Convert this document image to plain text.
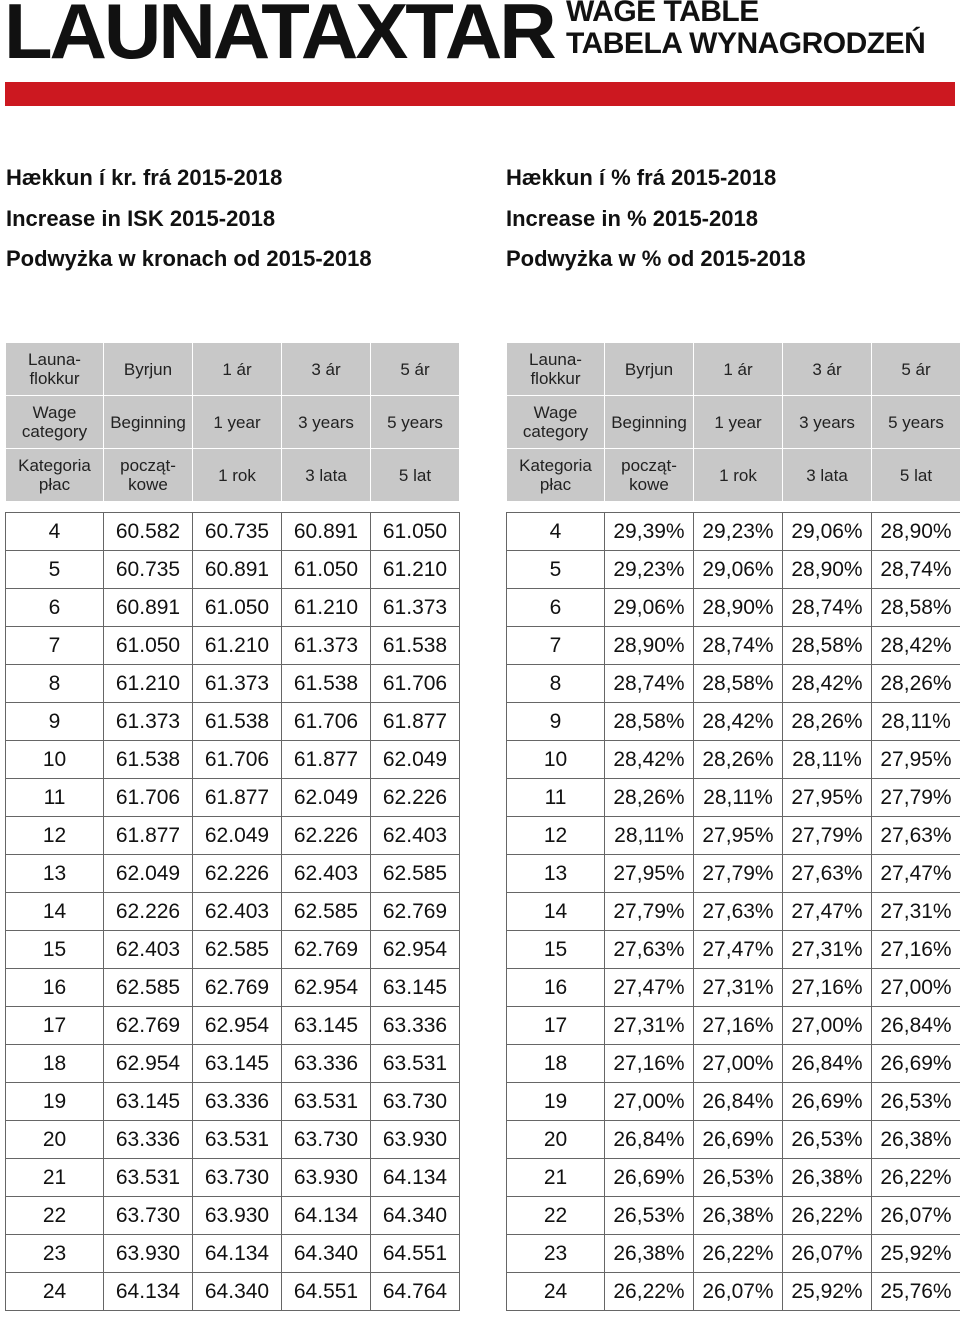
LAUNATAXTAR WAGE TABLE
TABELA WYNAGRODZEŃ
Hækkun í kr. frá 2015-2018
Increase in ISK 2015-2018
Podwyżka w kronach od 2015-2018
Hækkun í % frá 2015-2018
Increase in % 2015-2018
Podwyżka w % od 2015-2018
Launa-
flokkur	Byrjun	1 ár	3 ár	5 ár
Wage
category	Beginning	1 year	3 years	5 years
Kategoria
płac	począt-
kowe	1 rok	3 lata	5 lat

4	60.582	60.735	60.891	61.050
5	60.735	60.891	61.050	61.210
6	60.891	61.050	61.210	61.373
7	61.050	61.210	61.373	61.538
8	61.210	61.373	61.538	61.706
9	61.373	61.538	61.706	61.877
10	61.538	61.706	61.877	62.049
11	61.706	61.877	62.049	62.226
12	61.877	62.049	62.226	62.403
13	62.049	62.226	62.403	62.585
14	62.226	62.403	62.585	62.769
15	62.403	62.585	62.769	62.954
16	62.585	62.769	62.954	63.145
17	62.769	62.954	63.145	63.336
18	62.954	63.145	63.336	63.531
19	63.145	63.336	63.531	63.730
20	63.336	63.531	63.730	63.930
21	63.531	63.730	63.930	64.134
22	63.730	63.930	64.134	64.340
23	63.930	64.134	64.340	64.551
24	64.134	64.340	64.551	64.764
Launa-
flokkur	Byrjun	1 ár	3 ár	5 ár
Wage
category	Beginning	1 year	3 years	5 years
Kategoria
płac	począt-
kowe	1 rok	3 lata	5 lat

4	29,39%	29,23%	29,06%	28,90%
5	29,23%	29,06%	28,90%	28,74%
6	29,06%	28,90%	28,74%	28,58%
7	28,90%	28,74%	28,58%	28,42%
8	28,74%	28,58%	28,42%	28,26%
9	28,58%	28,42%	28,26%	28,11%
10	28,42%	28,26%	28,11%	27,95%
11	28,26%	28,11%	27,95%	27,79%
12	28,11%	27,95%	27,79%	27,63%
13	27,95%	27,79%	27,63%	27,47%
14	27,79%	27,63%	27,47%	27,31%
15	27,63%	27,47%	27,31%	27,16%
16	27,47%	27,31%	27,16%	27,00%
17	27,31%	27,16%	27,00%	26,84%
18	27,16%	27,00%	26,84%	26,69%
19	27,00%	26,84%	26,69%	26,53%
20	26,84%	26,69%	26,53%	26,38%
21	26,69%	26,53%	26,38%	26,22%
22	26,53%	26,38%	26,22%	26,07%
23	26,38%	26,22%	26,07%	25,92%
24	26,22%	26,07%	25,92%	25,76%
